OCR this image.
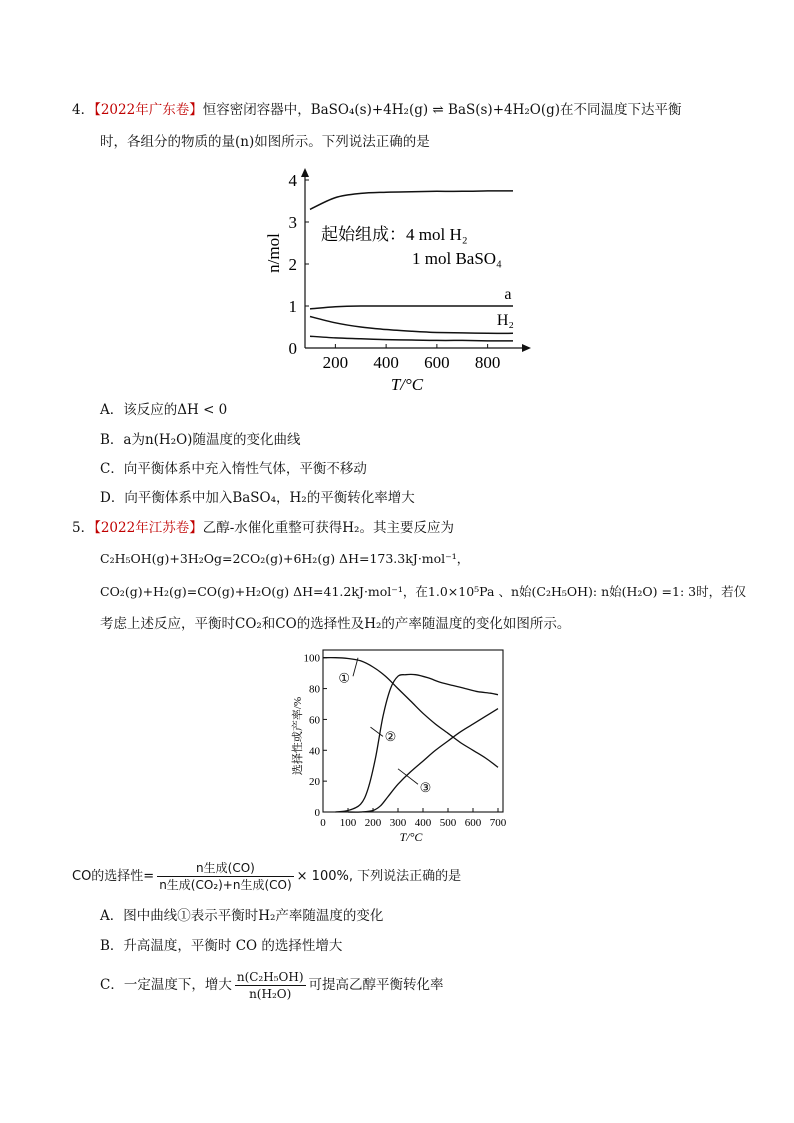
4．【2022年广东卷】恒容密闭容器中，BaSO₄(s)+4H₂(g) ⇌ BaS(s)+4H₂O(g)在不同温度下达平衡
时，各组分的物质的量(n)如图所示。下列说法正确的是
0
1
2
3
4
200 400 600 800
n/mol
T/°C
a
H₂
起始组成：4 mol H₂
1 mol BaSO₄
A．该反应的ΔH < 0
B．a为n(H₂O)随温度的变化曲线
C．向平衡体系中充入惰性气体，平衡不移动
D．向平衡体系中加入BaSO₄，H₂的平衡转化率增大
5．【2022年江苏卷】乙醇-水催化重整可获得H₂。其主要反应为
C₂H₅OH(g)+3H₂Og=2CO₂(g)+6H₂(g) ΔH=173.3kJ·mol⁻¹，
CO₂(g)+H₂(g)=CO(g)+H₂O(g) ΔH=41.2kJ·mol⁻¹，在1.0×10⁵Pa 、n始(C₂H₅OH): n始(H₂O) =1: 3时，若仅
考虑上述反应，平衡时CO₂和CO的选择性及H₂的产率随温度的变化如图所示。
0
20
40
60
80
100
0 100 200 300 400 500 600 700
选择性或产率/%
T/°C
①
②
③
CO的选择性= $\frac{\text{n生成(CO)}}{\text{n生成(CO₂)+n生成(CO)}} \times 100\%$, 下列说法正确的是
A．图中曲线①表示平衡时H₂产率随温度的变化
B．升高温度，平衡时 CO 的选择性增大
C．一定温度下，增大 $\frac{\text{n(C₂H₅OH)}}{\text{n(H₂O)}}$ 可提高乙醇平衡转化率
